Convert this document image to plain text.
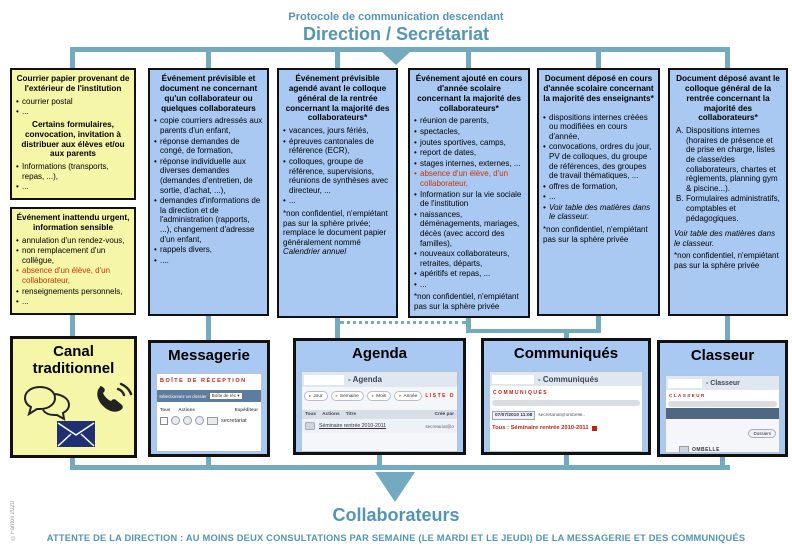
Protocole de communication descendant
Direction / Secrétariat
Courrier papier provenant de l'extérieur de l'institution
• courrier postal
• ...
Certains formulaires, convocation, invitation à distribuer aux élèves et/ou aux parents
• Informations (transports, repas, ...),
• ...
Événement inattendu urgent, information sensible
• annulation d'un rendez-vous,
• non remplacement d'un collègue,
• absence d'un élève, d'un collaborateur,
• renseignements personnels,
• ...
Événement prévisible et document ne concernant qu'un collaborateur ou quelques collaborateurs
• copie courriers adressés aux parents d'un enfant,
• réponse demandes de congé, de formation,
• réponse individuelle aux diverses demandes (demandes d'entretien, de sortie, d'achat, ...),
• demandes d'informations de la direction et de l'administration (rapports, ...), changement d'adresse d'un enfant,
• rappels divers,
• ....
Événement prévisible agendé avant le colloque général de la rentrée concernant la majorité des collaborateurs*
• vacances, jours fériés,
• épreuves cantonales de référence (ECR),
• colloques, groupe de référence, supervisions, réunions de synthèses avec directeur, ...
• ...
*non confidentiel, n'empiétant pas sur la sphère privée; remplace le document papier généralement nommé Calendrier annuel
Événement ajouté en cours d'année scolaire concernant la majorité des collaborateurs*
• réunion de parents,
• spectacles,
• joutes sportives, camps,
• report de dates,
• stages internes, externes, ...
• absence d'un élève, d'un collaborateur,
• Information sur la vie sociale de l'institution
• naissances, déménagements, mariages, décès (avec accord des familles),
• nouveaux collaborateurs, retraites, départs,
• apéritifs et repas, ...
• ...
*non confidentiel, n'empiétant pas sur la sphère privée
Document déposé en cours d'année scolaire concernant la majorité des enseignants*
• dispositions internes créées ou modifiées en cours d'année,
• convocations, ordres du jour, PV de colloques, du groupe de références, des groupes de travail thématiques, ...
• offres de formation,
• ...
• Voir table des matières dans le classeur.
*non confidentiel, n'empiétant pas sur la sphère privée
Document déposé avant le colloque général de la rentrée concernant la majorité des collaborateurs*
A. Dispositions internes (horaires de présence et de prise en charge, listes de classe/des collaborateurs, chartes et règlements, planning gym & piscine...).
B. Formulaires administratifs, comptables et pédagogiques.
Voir table des matières dans le classeur.
*non confidentiel, n'empiétant pas sur la sphère privée
Canal traditionnel
Messagerie
BOÎTE DE RÉCEPTION
Sélectionnez un dossier	Boîte de réc ▾
Tous Actions	Expéditeur
secretariat
Agenda
- Agenda
▸ Jour	▸ Semaine	▸ Mois	▸ Année LISTE D
Tous Actions Titre	Créé par
Séminaire rentrée 2010-2011	secretariat@o
Communiqués
- Communiqués
COMMUNIQUÉS
07/07/2010 11:08	secretariat@ombelle..
Tous : Séminaire rentrée 2010-2011
Classeur
- Classeur
CLASSEUR
Dossiers
OMBELLE
Collaborateurs
ATTENTE DE LA DIRECTION : AU MOINS DEUX CONSULTATIONS PAR SEMAINE (LE MARDI ET LE JEUDI) DE LA MESSAGERIE ET DES COMMUNIQUÉS
©Fantoli 2020
